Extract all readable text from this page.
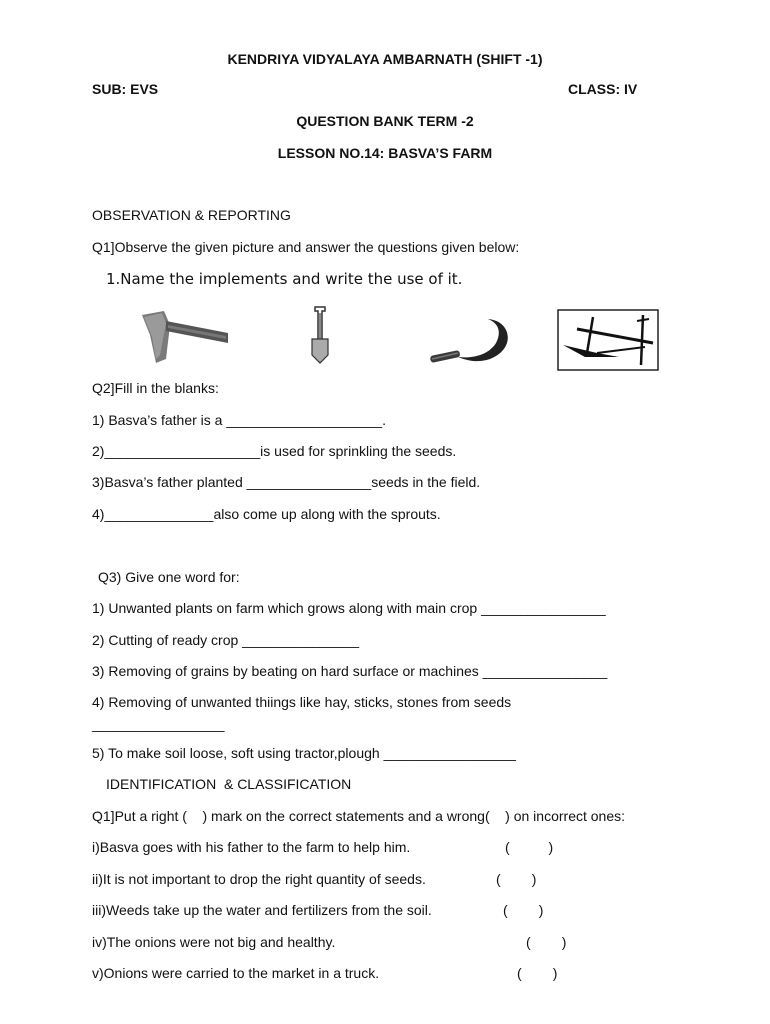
KENDRIYA VIDYALAYA AMBARNATH (SHIFT -1)
SUB: EVS	CLASS: IV
QUESTION BANK TERM -2
LESSON NO.14: BASVA’S FARM
OBSERVATION & REPORTING
Q1]Observe the given picture and answer the questions given below:
1.Name the implements and write the use of it.
Q2]Fill in the blanks:
1) Basva’s father is a ____________________.
2)____________________is used for sprinkling the seeds.
3)Basva’s father planted ________________seeds in the field.
4)______________also come up along with the sprouts.
Q3) Give one word for:
1) Unwanted plants on farm which grows along with main crop ________________
2) Cutting of ready crop _______________
3) Removing of grains by beating on hard surface or machines ________________
4) Removing of unwanted thiings like hay, sticks, stones from seeds
_________________
5) To make soil loose, soft using tractor,plough _________________
IDENTIFICATION  & CLASSIFICATION
Q1]Put a right (    ) mark on the correct statements and a wrong(    ) on incorrect ones:
i)Basva goes with his father to the farm to help him.	(          )
ii)It is not important to drop the right quantity of seeds.	(        )
iii)Weeds take up the water and fertilizers from the soil.	(        )
iv)The onions were not big and healthy.	(        )
v)Onions were carried to the market in a truck.	(        )
